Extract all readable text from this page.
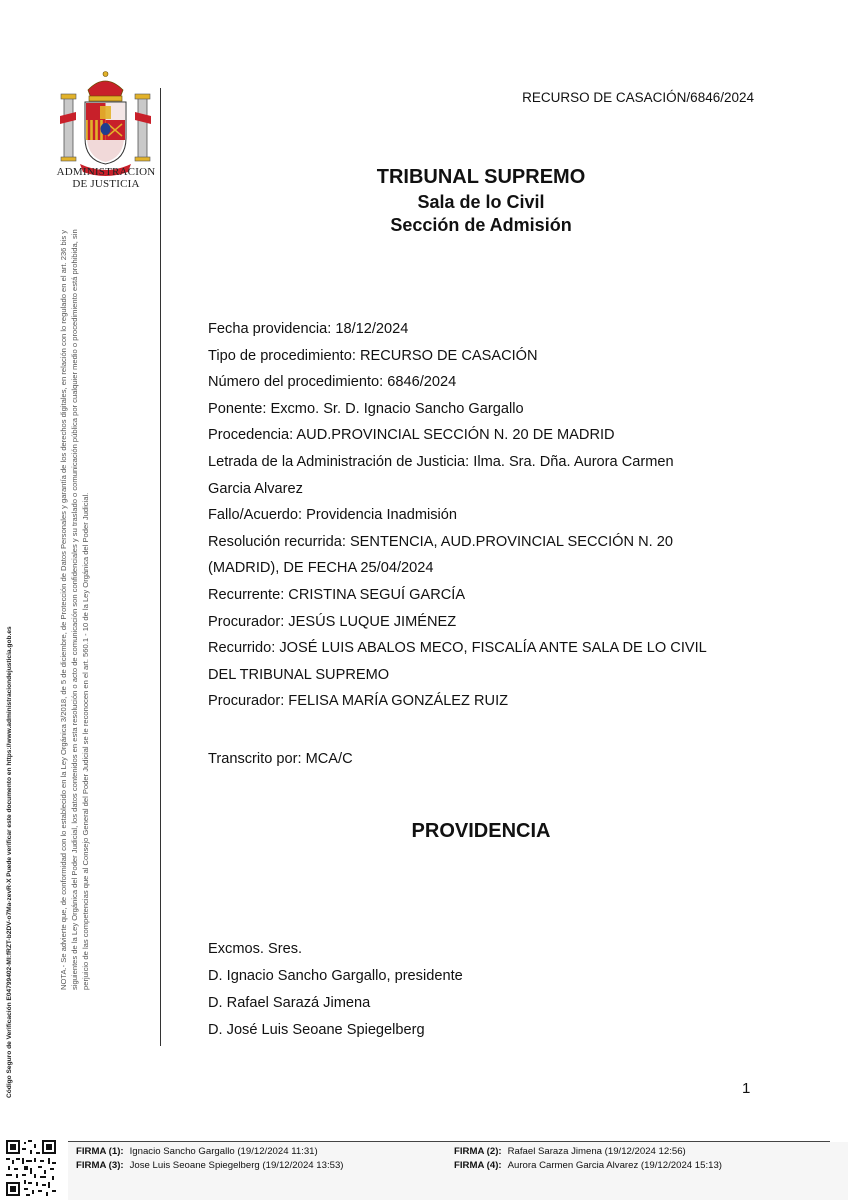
ADMINISTRACION
DE JUSTICIA
Código Seguro de Verificación E04799402-MI:fRZT-b2DV-o7Ma-zevR-X Puede verificar este documento en https://www.administraciondejusticia.gob.es	NOTA.- Se advierte que, de conformidad con lo establecido en la Ley Orgánica 3/2018, de 5 de diciembre, de Protección de Datos Personales y garantía de los derechos digitales, en relación con lo regulado en el art. 236 bis y siguientes de la Ley Orgánica del Poder Judicial, los datos contenidos en esta resolución o acto de comunicación son confidenciales y su traslado o comunicación pública por cualquier medio o procedimiento está prohibida, sin perjuicio de las competencias que al Consejo General del Poder Judicial se le reconocen en el art. 560.1 - 10 de la Ley Orgánica del Poder Judicial.
RECURSO DE CASACIÓN/6846/2024
TRIBUNAL SUPREMO
Sala de lo Civil
Sección de Admisión
Fecha providencia: 18/12/2024
Tipo de procedimiento: RECURSO DE CASACIÓN
Número del procedimiento: 6846/2024
Ponente: Excmo. Sr. D. Ignacio Sancho Gargallo
Procedencia: AUD.PROVINCIAL SECCIÓN N. 20 DE MADRID
Letrada de la Administración de Justicia: Ilma. Sra. Dña. Aurora Carmen
Garcia Alvarez
Fallo/Acuerdo: Providencia Inadmisión
Resolución recurrida: SENTENCIA, AUD.PROVINCIAL SECCIÓN N. 20
(MADRID), DE FECHA 25/04/2024
Recurrente: CRISTINA SEGUÍ GARCÍA
Procurador: JESÚS LUQUE JIMÉNEZ
Recurrido: JOSÉ LUIS ABALOS MECO, FISCALÍA ANTE SALA DE LO CIVIL
DEL TRIBUNAL SUPREMO
Procurador: FELISA MARÍA GONZÁLEZ RUIZ
Transcrito por: MCA/C
PROVIDENCIA
Excmos. Sres.
D. Ignacio Sancho Gargallo, presidente
D. Rafael Sarazá Jimena
D. José Luis Seoane Spiegelberg
1
FIRMA (1): Ignacio Sancho Gargallo (19/12/2024 11:31)	FIRMA (2): Rafael Saraza Jimena (19/12/2024 12:56)
FIRMA (3): Jose Luis Seoane Spiegelberg (19/12/2024 13:53)	FIRMA (4): Aurora Carmen Garcia Alvarez (19/12/2024 15:13)
